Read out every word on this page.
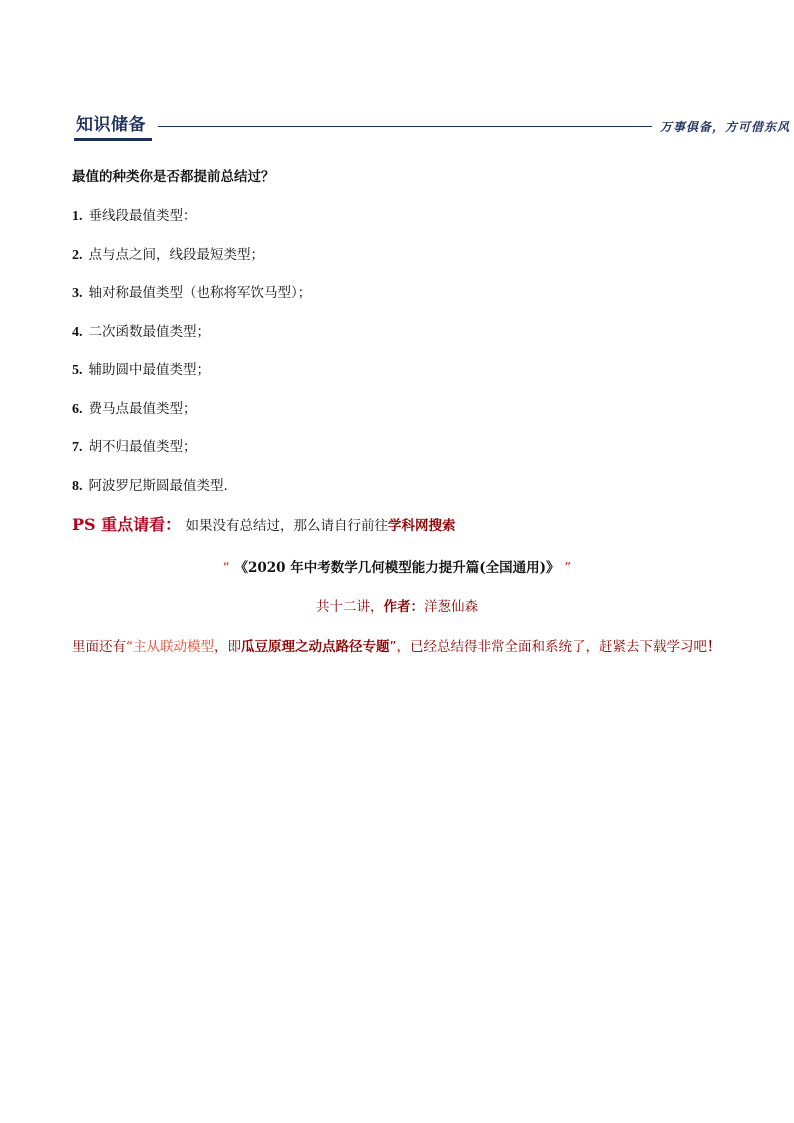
知识储备	万事俱备，方可借东风
最值的种类你是否都提前总结过？
1. 垂线段最值类型：
2. 点与点之间，线段最短类型；
3. 轴对称最值类型（也称将军饮马型）；
4. 二次函数最值类型；
5. 辅助圆中最值类型；
6. 费马点最值类型；
7. 胡不归最值类型；
8. 阿波罗尼斯圆最值类型.
PS 重点请看： 如果没有总结过，那么请自行前往学科网搜索
“ 《2020 年中考数学几何模型能力提升篇(全国通用)》 ”
共十二讲，作者：洋葱仙森
里面还有“主从联动模型，即瓜豆原理之动点路径专题”，已经总结得非常全面和系统了，赶紧去下载学习吧！
